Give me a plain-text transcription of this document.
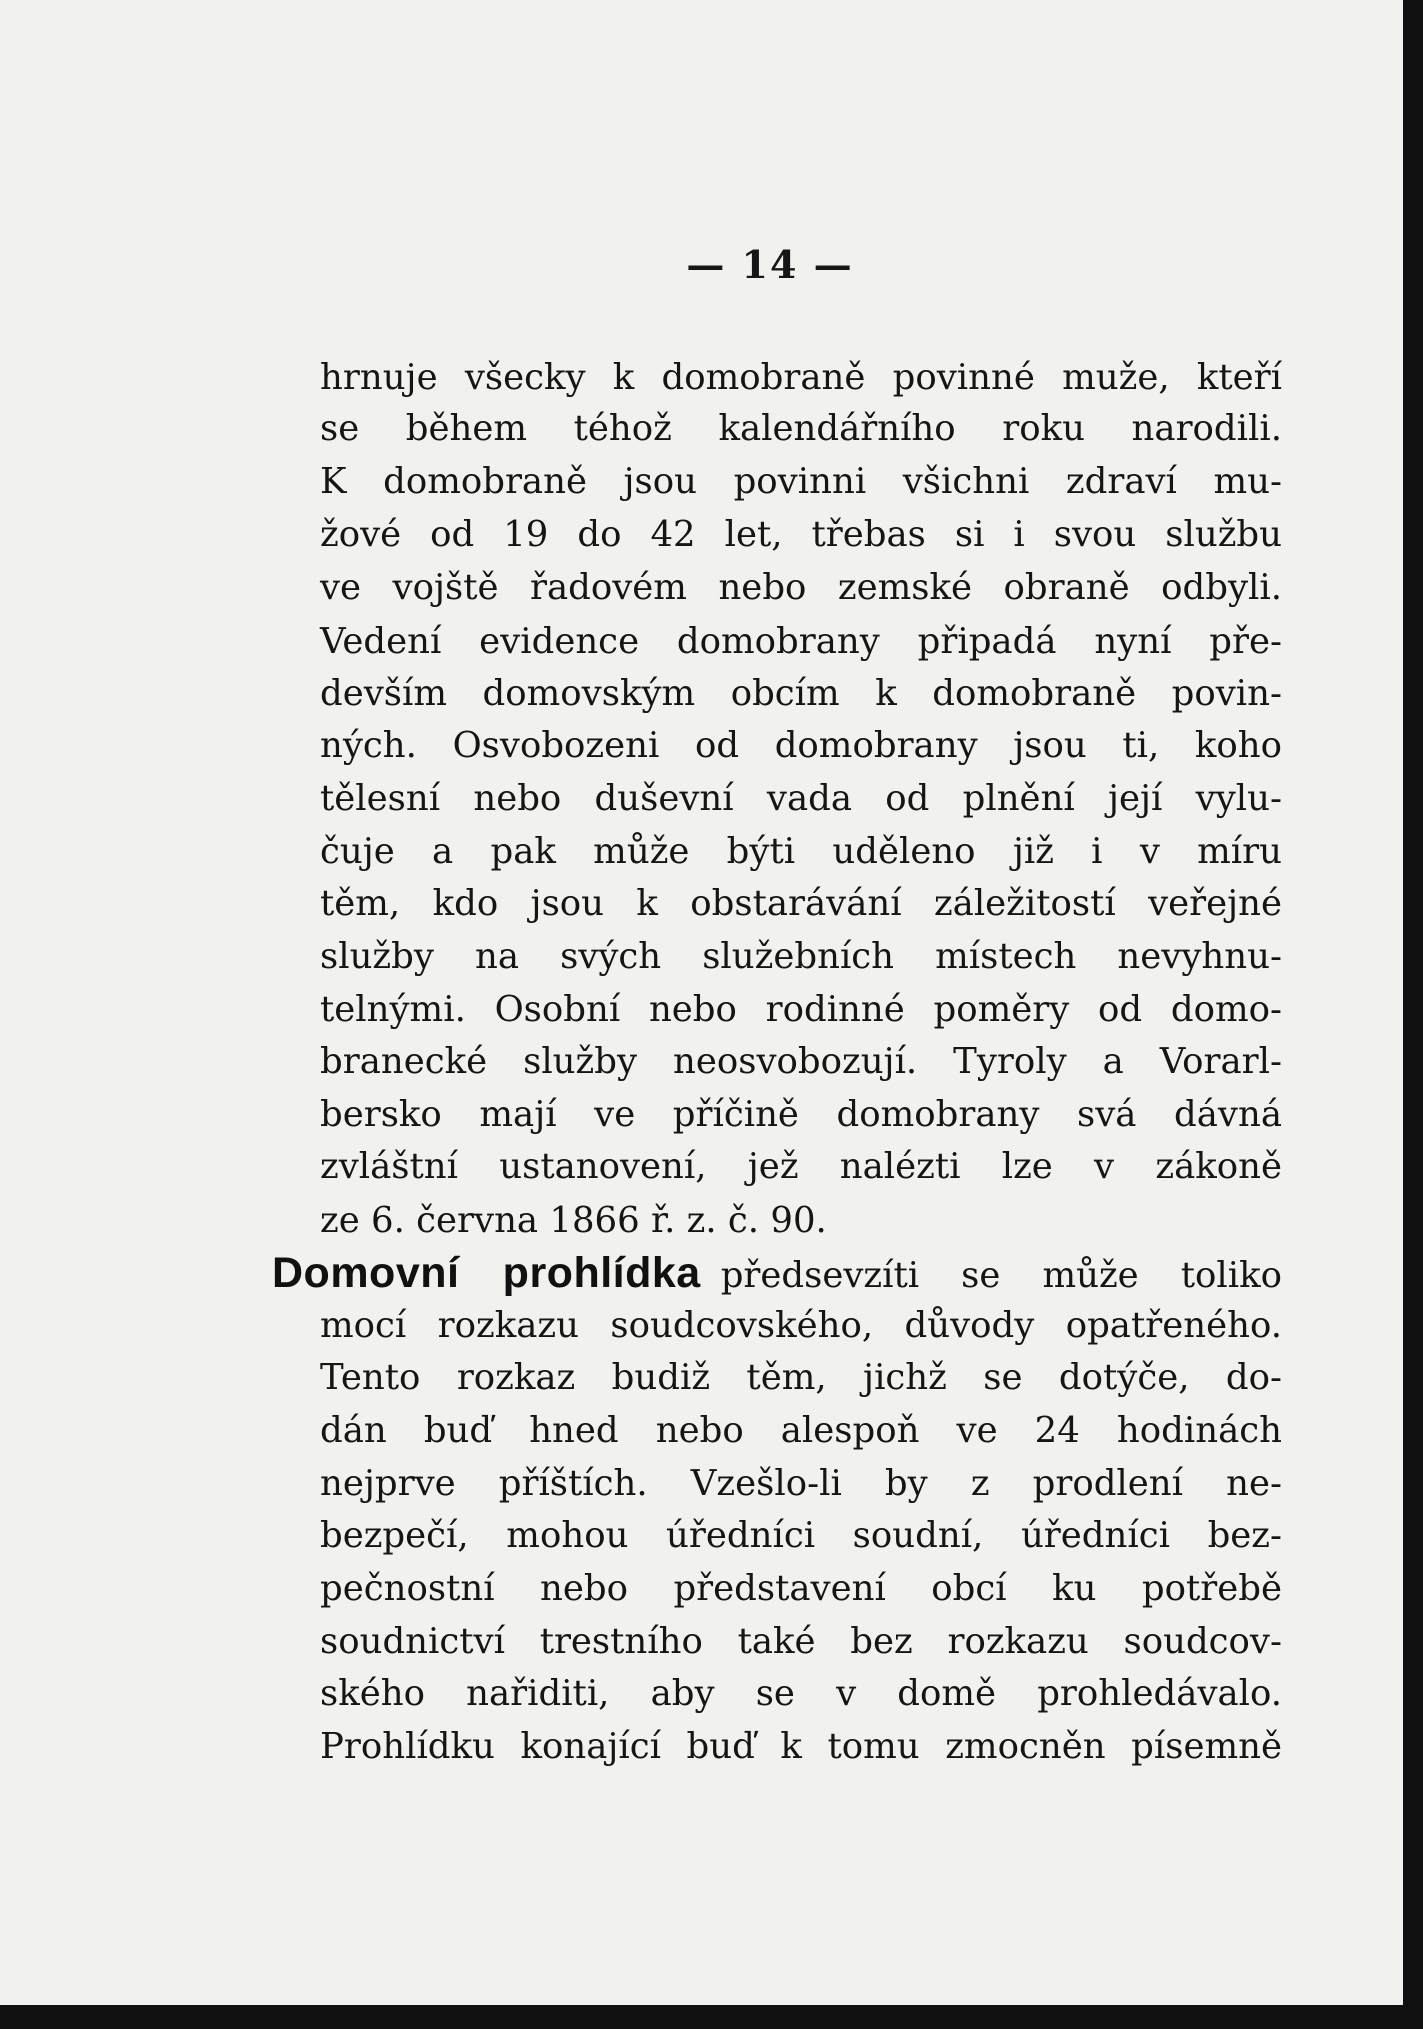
— 14 —
hrnuje všecky k domobraně povinné muže, kteří
se během téhož kalendářního roku narodili.
K domobraně jsou povinni všichni zdraví mu-
žové od 19 do 42 let, třebas si i svou službu
ve vojště řadovém nebo zemské obraně odbyli.
Vedení evidence domobrany připadá nyní pře-
devším domovským obcím k domobraně povin-
ných. Osvobozeni od domobrany jsou ti, koho
tělesní nebo duševní vada od plnění její vylu-
čuje a pak může býti uděleno již i v míru
těm, kdo jsou k obstarávání záležitostí veřejné
služby na svých služebních místech nevyhnu-
telnými. Osobní nebo rodinné poměry od domo-
branecké služby neosvobozují. Tyroly a Vorarl-
bersko mají ve příčině domobrany svá dávná
zvláštní ustanovení, jež nalézti lze v zákoně
ze 6. června 1866 ř. z. č. 90.
Domovní prohlídka předsevzíti se může toliko
mocí rozkazu soudcovského, důvody opatřeného.
Tento rozkaz budiž těm, jichž se dotýče, do-
dán buď hned nebo alespoň ve 24 hodinách
nejprve příštích. Vzešlo-li by z prodlení ne-
bezpečí, mohou úředníci soudní, úředníci bez-
pečnostní nebo představení obcí ku potřebě
soudnictví trestního také bez rozkazu soudcov-
ského nařiditi, aby se v domě prohledávalo.
Prohlídku konající buď k tomu zmocněn písemně
